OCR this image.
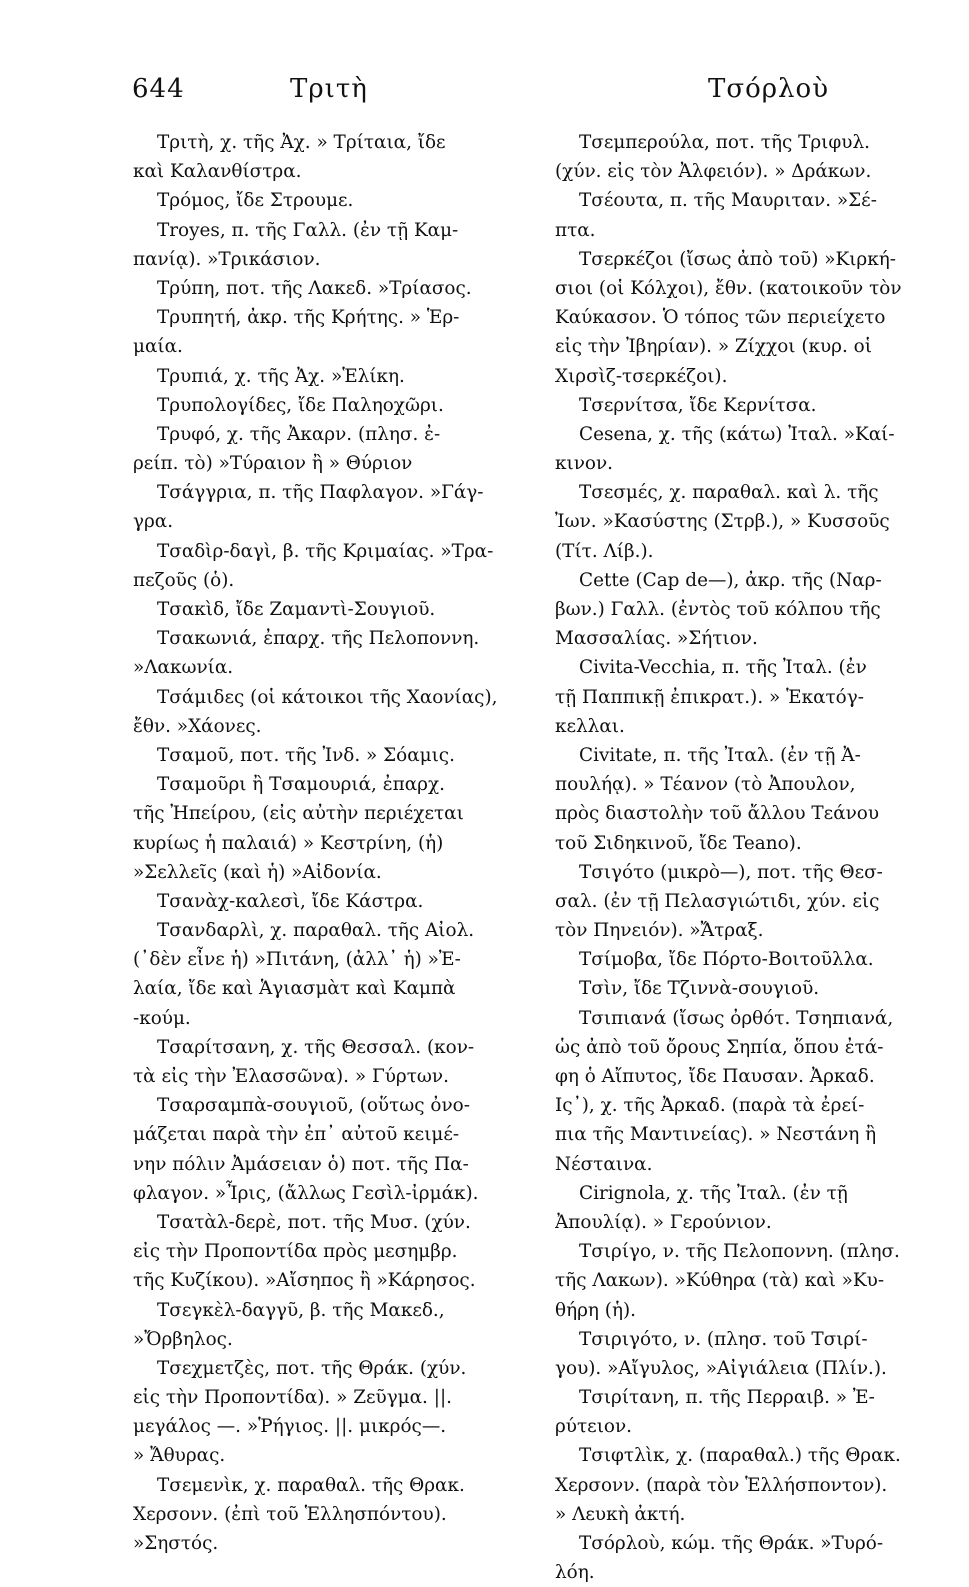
644	Τριτὴ	Τσόρλοὺ
Τριτὴ, χ. τῆς Ἀχ. » Τρίταια, ἴδε
καὶ Καλανθίστρα.
Τρόμος, ἴδε Στρουμε.
Troyes, π. τῆς Γαλλ. (ἐν τῇ Καμ-
πανίᾳ). »Τρικάσιον.
Τρύπη, ποτ. τῆς Λακεδ. »Τρίασος.
Τρυπητή, ἀκρ. τῆς Κρήτης. » Ἑρ-
μαία.
Τρυπιά, χ. τῆς Ἀχ. »Ἑλίκη.
Τρυπολογίδες, ἴδε Παληοχῶρι.
Τρυφό, χ. τῆς Ἀκαρν. (πλησ. ἐ-
ρείπ. τὸ) »Τύραιον ἢ » Θύριον
Τσάγγρια, π. τῆς Παφλαγον. »Γάγ-
γρα.
Τσαδὶρ-δαγὶ, β. τῆς Κριμαίας. »Τρα-
πεζοῦς (ὁ).
Τσακὶδ, ἴδε Ζαμαντὶ-Σουγιοῦ.
Τσακωνιά, ἐπαρχ. τῆς Πελοποννη.
»Λακωνία.
Τσάμιδες (οἱ κάτοικοι τῆς Χαονίας),
ἔθν. »Χάονες.
Τσαμοῦ, ποτ. τῆς Ἰνδ. » Σόαμις.
Τσαμοῦρι ἢ Τσαμουριά, ἐπαρχ.
τῆς Ἠπείρου, (εἰς αὐτὴν περιέχεται
κυρίως ἡ παλαιά) » Κεστρίνη, (ἡ)
»Σελλεῖς (καὶ ἡ) »Αἰδονία.
Τσανὰχ-καλεσὶ, ἴδε Κάστρα.
Τσανδαρλὶ, χ. παραθαλ. τῆς Αἰολ.
(᾿δὲν εἶνε ἡ) »Πιτάνη, (ἀλλ᾽ ἡ) »Ἐ-
λαία, ἴδε καὶ Ἁγιασμὰτ καὶ Καμπὰ
-κούμ.
Τσαρίτσανη, χ. τῆς Θεσσαλ. (κον-
τὰ εἰς τὴν Ἐλασσῶνα). » Γύρτων.
Τσαρσαμπὰ-σουγιοῦ, (οὕτως ὀνο-
μάζεται παρὰ τὴν ἐπ᾽ αὐτοῦ κειμέ-
νην πόλιν Ἀμάσειαν ὁ) ποτ. τῆς Πα-
φλαγον. »Ἶρις, (ἄλλως Γεσὶλ-ἰρμάκ).
Τσατὰλ-δερὲ, ποτ. τῆς Μυσ. (χύν.
εἰς τὴν Προποντίδα πρὸς μεσημβρ.
τῆς Κυζίκου). »Αἴσηπος ἢ »Κάρησος.
Τσεγκὲλ-δαγγῦ, β. τῆς Μακεδ.,
»Ὄρβηλος.
Τσεχμετζὲς, ποτ. τῆς Θράκ. (χύν.
εἰς τὴν Προποντίδα). » Ζεῦγμα. ||.
μεγάλος —. »Ῥήγιος. ||. μικρός—.
» Ἄθυρας.
Τσεμενὶκ, χ. παραθαλ. τῆς Θρακ.
Χερσονν. (ἐπὶ τοῦ Ἑλλησπόντου).
»Σηστός.
Τσεμπερούλα, ποτ. τῆς Τριφυλ.
(χύν. εἰς τὸν Ἀλφειόν). » Δράκων.
Τσέουτα, π. τῆς Μαυριταν. »Σέ-
πτα.
Τσερκέζοι (ἴσως ἀπὸ τοῦ) »Κιρκή-
σιοι (οἱ Κόλχοι), ἔθν. (κατοικοῦν τὸν
Καύκασον. Ὁ τόπος τῶν περιείχετο
εἰς τὴν Ἰβηρίαν). » Ζίχχοι (κυρ. οἱ
Χιρσὶζ-τσερκέζοι).
Τσερνίτσα, ἴδε Κερνίτσα.
Cesena, χ. τῆς (κάτω) Ἰταλ. »Καί-
κινον.
Τσεσμές, χ. παραθαλ. καὶ λ. τῆς
Ἰων. »Κασύστης (Στρβ.), » Κυσσοῦς
(Τίτ. Λίβ.).
Cette (Cap de—), ἀκρ. τῆς (Ναρ-
βων.) Γαλλ. (ἐντὸς τοῦ κόλπου τῆς
Μασσαλίας. »Σήτιον.
Civita-Vecchia, π. τῆς Ἰταλ. (ἐν
τῇ Παππικῇ ἐπικρατ.). » Ἑκατόγ-
κελλαι.
Civitate, π. τῆς Ἰταλ. (ἐν τῇ Ἀ-
πουλήᾳ). » Τέανον (τὸ Ἀπουλον,
πρὸς διαστολὴν τοῦ ἄλλου Τεάνου
τοῦ Σιδηκινοῦ, ἴδε Teano).
Τσιγότο (μικρὸ—), ποτ. τῆς Θεσ-
σαλ. (ἐν τῇ Πελασγιώτιδι, χύν. εἰς
τὸν Πηνειόν). »Ἄτραξ.
Τσίμοβα, ἴδε Πόρτο-Βοιτοῦλλα.
Τσὶν, ἴδε Τζιννὰ-σουγιοῦ.
Τσιπιανά (ἴσως ὀρθότ. Τσηπιανά,
ὡς ἀπὸ τοῦ ὄρους Σηπία, ὅπου ἐτά-
φη ὁ Αἴπυτος, ἴδε Παυσαν. Ἀρκαδ.
Ις᾽), χ. τῆς Ἀρκαδ. (παρὰ τὰ ἐρεί-
πια τῆς Μαντινείας). » Νεστάνη ἢ
Νέσταινα.
Cirignola, χ. τῆς Ἰταλ. (ἐν τῇ
Ἀπουλίᾳ). » Γερούνιον.
Τσιρίγο, ν. τῆς Πελοποννη. (πλησ.
τῆς Λακων). »Κύθηρα (τὰ) καὶ »Κυ-
θήρη (ἡ).
Τσιριγότο, ν. (πλησ. τοῦ Τσιρί-
γου). »Αἴγυλος, »Αἰγιάλεια (Πλίν.).
Τσιρίτανη, π. τῆς Περραιβ. » Ἐ-
ρύτειον.
Τσιφτλὶκ, χ. (παραθαλ.) τῆς Θρακ.
Χερσονν. (παρὰ τὸν Ἑλλήσποντον).
» Λευκὴ ἀκτή.
Τσόρλοὺ, κώμ. τῆς Θράκ. »Τυρό-
λόη.
